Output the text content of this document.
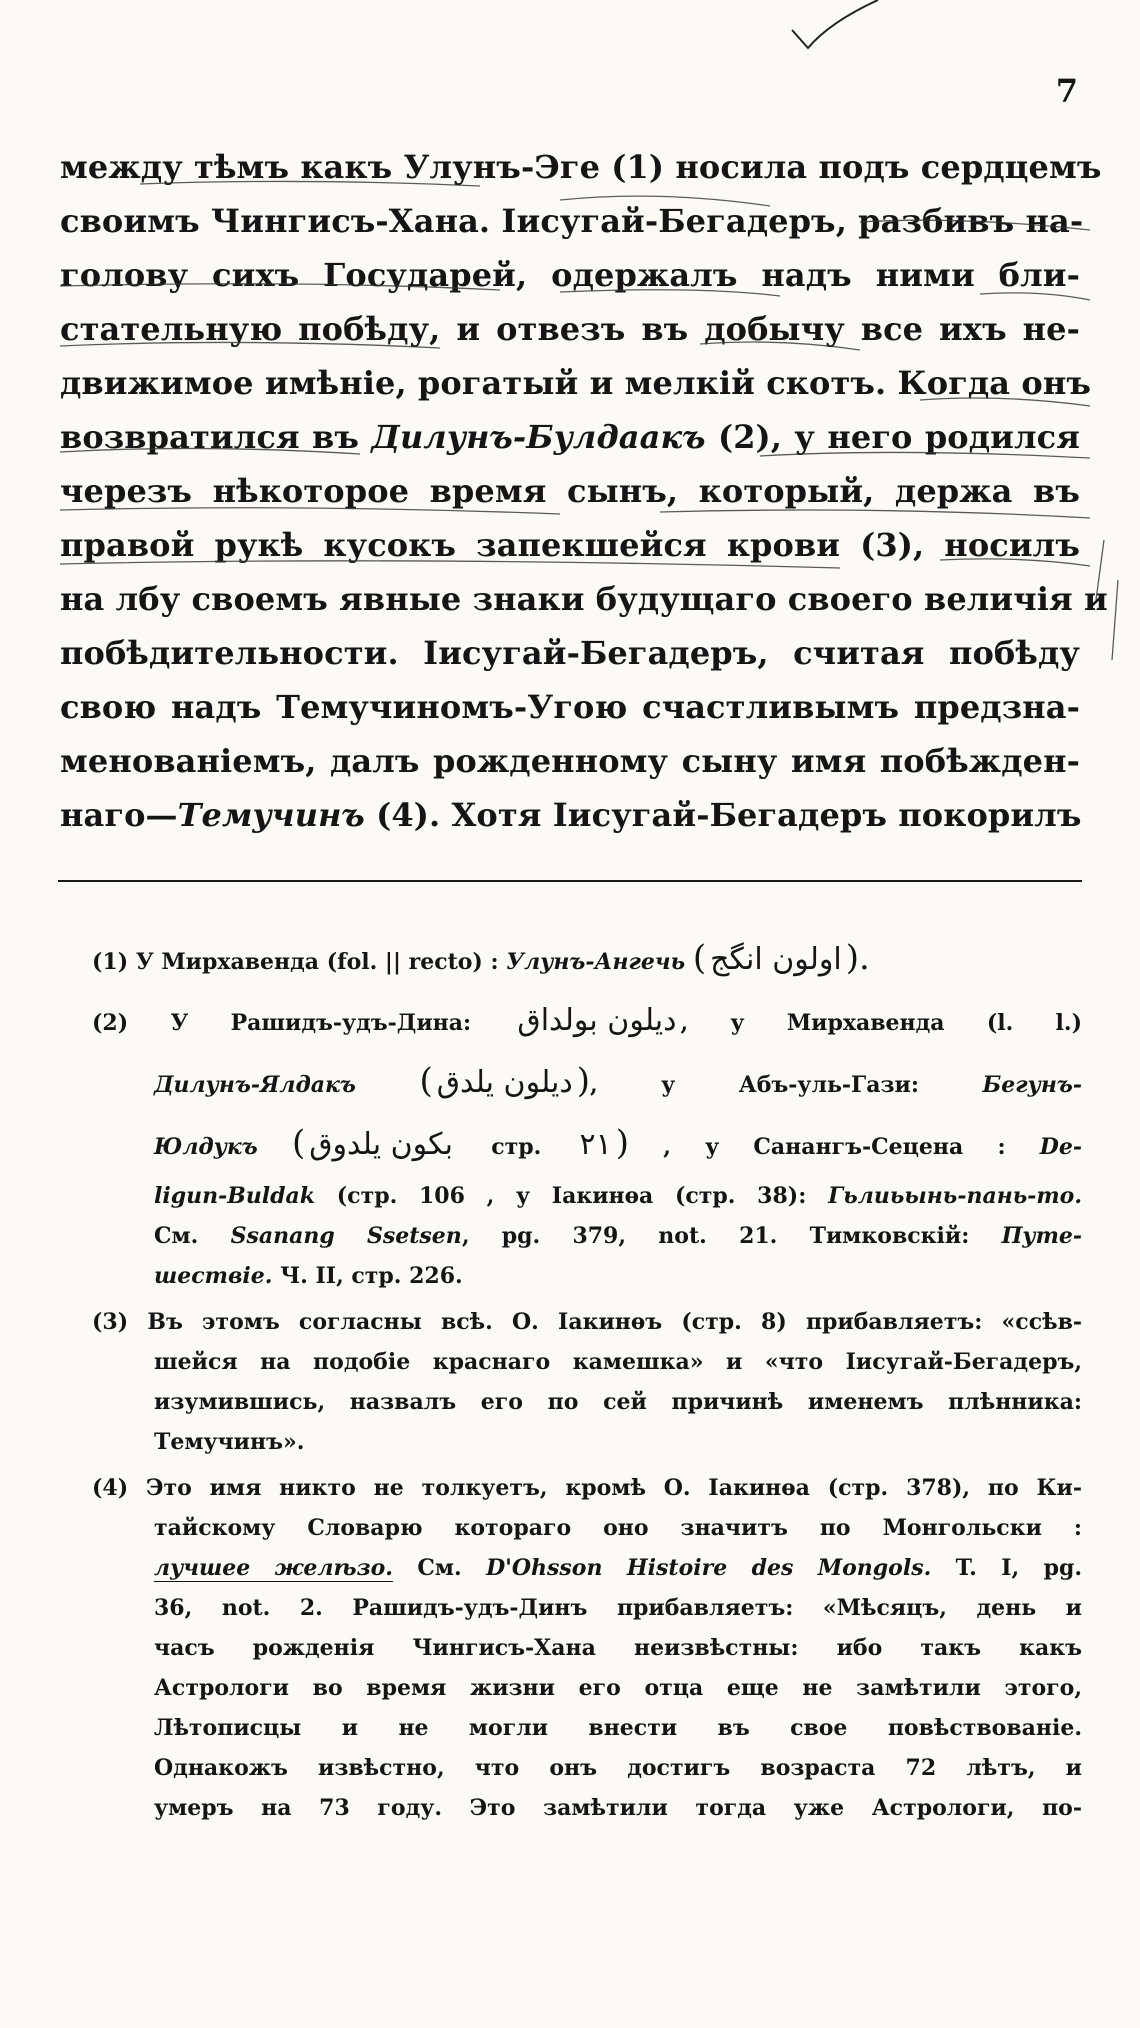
7
между тѣмъ какъ Улунъ-Эге (1) носила подъ сердцемъ
своимъ Чингисъ-Хана. Іисугай-Бегадеръ, разбивъ на-
голову сихъ Государей, одержалъ надъ ними бли-
стательную побѣду, и отвезъ въ добычу все ихъ не-
движимое имѣніе, рогатый и мелкій скотъ. Когда онъ
возвратился въ Дилунъ-Булдаакъ (2), у него родился
черезъ нѣкоторое время сынъ, который, держа въ
правой рукѣ кусокъ запекшейся крови (3), носилъ
на лбу своемъ явные знаки будущаго своего величія и
побѣдительности. Іисугай-Бегадеръ, считая побѣду
свою надъ Темучиномъ-Угою счастливымъ предзна-
менованіемъ, далъ рожденному сыну имя побѣжден-
наго—Темучинъ (4). Хотя Іисугай-Бегадеръ покорилъ
(1) У Мирхавенда (fol. || recto) : Улунъ-Ангечь ( اولون انگج ).
(2) У Рашидъ-удъ-Дина: دیلون بولداق , у Мирхавенда (l. l.)
Дилунъ-Ялдакъ ( دیلون یلدق ), у Абъ-уль-Гази: Бегунъ-
Юлдукъ ( بکون یلدوق стр. ۲۱ ) , у Санангъ-Сецена : De-
ligun-Buldak (стр. 106 , у Іакинѳа (стр. 38): Гьлиьынь-пань-то.
См. Ssanang Ssetsen, pg. 379, not. 21. Тимковскій: Путе-
шествіе. Ч. II, стр. 226.
(3) Въ этомъ согласны всѣ. О. Іакинѳъ (стр. 8) прибавляетъ: «ссѣв-
шейся на подобіе краснаго камешка» и «что Іисугай-Бегадеръ,
изумившись, назвалъ его по сей причинѣ именемъ плѣнника:
Темучинъ».
(4) Это имя никто не толкуетъ, кромѣ О. Іакинѳа (стр. 378), по Ки-
тайскому Словарю котораго оно значитъ по Монгольски :
лучшее желѣзо. См. D'Ohsson Histoire des Mongols. T. I, pg.
36, not. 2. Рашидъ-удъ-Динъ прибавляетъ: «Мѣсяцъ, день и
часъ рожденія Чингисъ-Хана неизвѣстны: ибо такъ какъ
Астрологи во время жизни его отца еще не замѣтили этого,
Лѣтописцы и не могли внести въ свое повѣствованіе.
Однакожъ извѣстно, что онъ достигъ возраста 72 лѣтъ, и
умеръ на 73 году. Это замѣтили тогда уже Астрологи, по-
